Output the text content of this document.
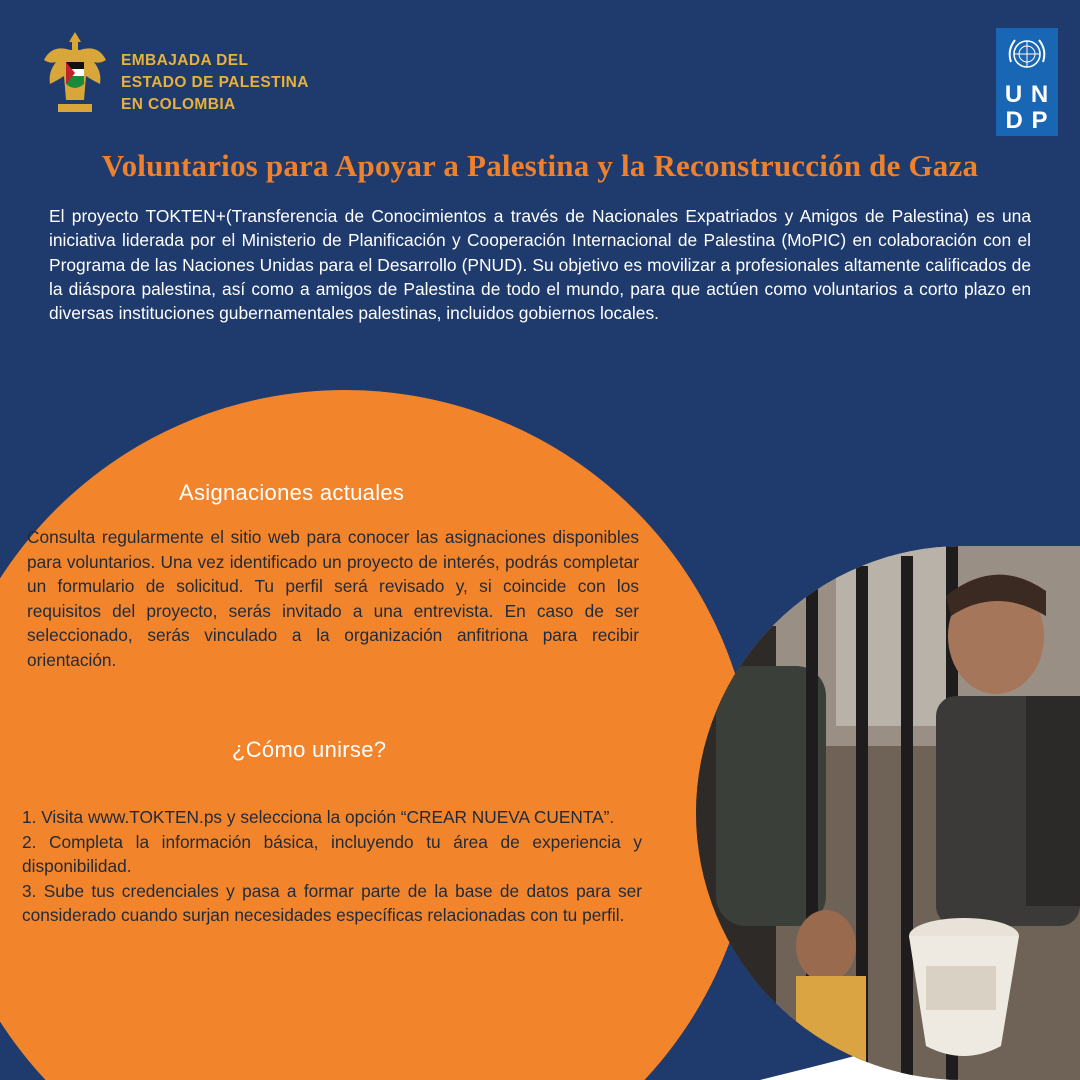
EMBAJADA DEL
ESTADO DE PALESTINA
EN COLOMBIA	U N
D P
Voluntarios para Apoyar a Palestina y la Reconstrucción de Gaza
El proyecto TOKTEN+(Transferencia de Conocimientos a través de Nacionales Expatriados y Amigos de Palestina) es una iniciativa liderada por el Ministerio de Planificación y Cooperación Internacional de Palestina (MoPIC) en colaboración con el Programa de las Naciones Unidas para el Desarrollo (PNUD). Su objetivo es movilizar a profesionales altamente calificados de la diáspora palestina, así como a amigos de Palestina de todo el mundo, para que actúen como voluntarios a corto plazo en diversas instituciones gubernamentales palestinas, incluidos gobiernos locales.
Asignaciones actuales
Consulta regularmente el sitio web para conocer las asignaciones disponibles para voluntarios. Una vez identificado un proyecto de interés, podrás completar un formulario de solicitud. Tu perfil será revisado y, si coincide con los requisitos del proyecto, serás invitado a una entrevista. En caso de ser seleccionado, serás vinculado a la organización anfitriona para recibir orientación.
¿Cómo unirse?

1. Visita www.TOKTEN.ps y selecciona la opción “CREAR NUEVA CUENTA”.

2. Completa la información básica, incluyendo tu área de experiencia y disponibilidad.

3. Sube tus credenciales y pasa a formar parte de la base de datos para ser considerado cuando surjan necesidades específicas relacionadas con tu perfil.
